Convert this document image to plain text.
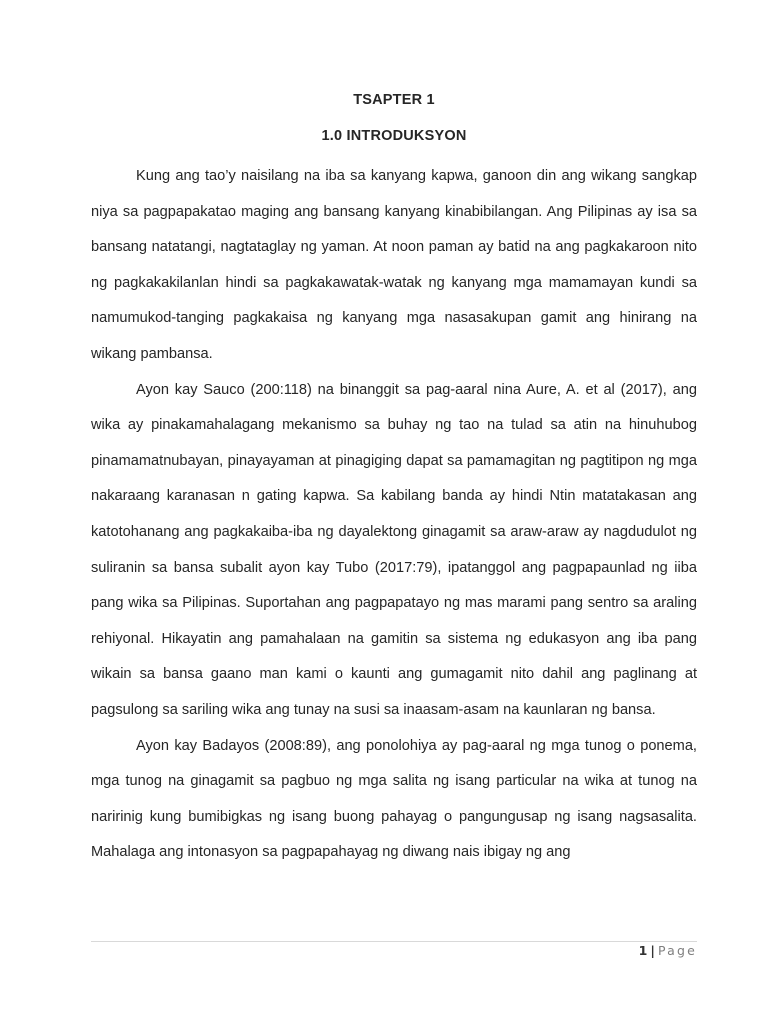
TSAPTER 1
1.0 INTRODUKSYON

Kung ang tao’y naisilang na iba sa kanyang kapwa, ganoon din ang wikang sangkap niya sa pagpapakatao maging ang bansang kanyang kinabibilangan. Ang Pilipinas ay isa sa bansang natatangi, nagtataglay ng yaman. At noon paman ay batid na ang pagkakaroon nito ng pagkakakilanlan hindi sa pagkakawatak-watak ng kanyang mga mamamayan kundi sa namumukod-tanging pagkakaisa ng kanyang mga nasasakupan gamit ang hinirang na wikang pambansa.

Ayon kay Sauco (200:118) na binanggit sa pag-aaral nina Aure, A. et al (2017), ang wika ay pinakamahalagang mekanismo sa buhay ng tao na tulad sa atin na hinuhubog pinamamatnubayan, pinayayaman at pinagiging dapat sa pamamagitan ng pagtitipon ng mga nakaraang karanasan n gating kapwa. Sa kabilang banda ay hindi Ntin matatakasan ang katotohanang ang pagkakaiba-iba ng dayalektong ginagamit sa araw-araw ay nagdudulot ng suliranin sa bansa subalit ayon kay Tubo (2017:79), ipatanggol ang pagpapaunlad ng iiba pang wika sa Pilipinas. Suportahan ang pagpapatayo ng mas marami pang sentro sa araling rehiyonal. Hikayatin ang pamahalaan na gamitin sa sistema ng edukasyon ang iba pang wikain sa bansa gaano man kami o kaunti ang gumagamit nito dahil ang paglinang at pagsulong sa sariling wika ang tunay na susi sa inaasam-asam na kaunlaran ng bansa.

Ayon kay Badayos (2008:89), ang ponolohiya ay pag-aaral ng mga tunog o ponema, mga tunog na ginagamit sa pagbuo ng mga salita ng isang particular na wika at tunog na naririnig kung bumibigkas ng isang buong pahayag o pangungusap ng isang nagsasalita. Mahalaga ang intonasyon sa pagpapahayag ng diwang nais ibigay ng ang

1 | Page
